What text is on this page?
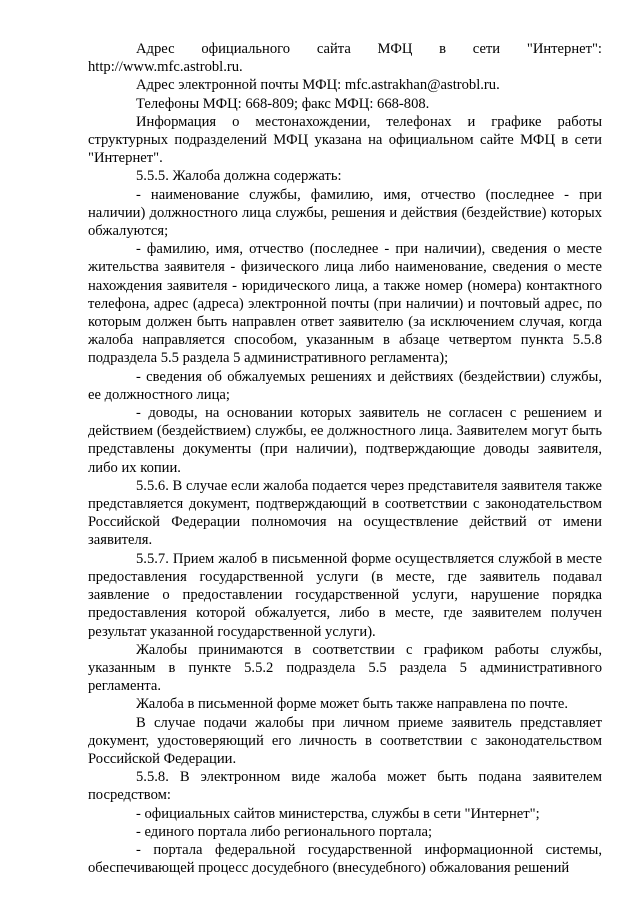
Адрес официального сайта МФЦ в сети "Интернет": http://www.mfc.astrobl.ru.

Адрес электронной почты МФЦ: mfc.astrakhan@astrobl.ru.

Телефоны МФЦ: 668-809; факс МФЦ: 668-808.

Информация о местонахождении, телефонах и графике работы структурных подразделений МФЦ указана на официальном сайте МФЦ в сети "Интернет".

5.5.5. Жалоба должна содержать:

- наименование службы, фамилию, имя, отчество (последнее - при наличии) должностного лица службы, решения и действия (бездействие) которых обжалуются;

- фамилию, имя, отчество (последнее - при наличии), сведения о месте жительства заявителя - физического лица либо наименование, сведения о месте нахождения заявителя - юридического лица, а также номер (номера) контактного телефона, адрес (адреса) электронной почты (при наличии) и почтовый адрес, по которым должен быть направлен ответ заявителю (за исключением случая, когда жалоба направляется способом, указанным в абзаце четвертом пункта 5.5.8 подраздела 5.5 раздела 5 административного регламента);

- сведения об обжалуемых решениях и действиях (бездействии) службы, ее должностного лица;

- доводы, на основании которых заявитель не согласен с решением и действием (бездействием) службы, ее должностного лица. Заявителем могут быть представлены документы (при наличии), подтверждающие доводы заявителя, либо их копии.

5.5.6. В случае если жалоба подается через представителя заявителя также представляется документ, подтверждающий в соответствии с законодательством Российской Федерации полномочия на осуществление действий от имени заявителя.

5.5.7. Прием жалоб в письменной форме осуществляется службой в месте предоставления государственной услуги (в месте, где заявитель подавал заявление о предоставлении государственной услуги, нарушение порядка предоставления которой обжалуется, либо в месте, где заявителем получен результат указанной государственной услуги).

Жалобы принимаются в соответствии с графиком работы службы, указанным в пункте 5.5.2 подраздела 5.5 раздела 5 административного регламента.

Жалоба в письменной форме может быть также направлена по почте.

В случае подачи жалобы при личном приеме заявитель представляет документ, удостоверяющий его личность в соответствии с законодательством Российской Федерации.

5.5.8. В электронном виде жалоба может быть подана заявителем посредством:

- официальных сайтов министерства, службы в сети "Интернет";

- единого портала либо регионального портала;

- портала федеральной государственной информационной системы, обеспечивающей процесс досудебного (внесудебного) обжалования решений
